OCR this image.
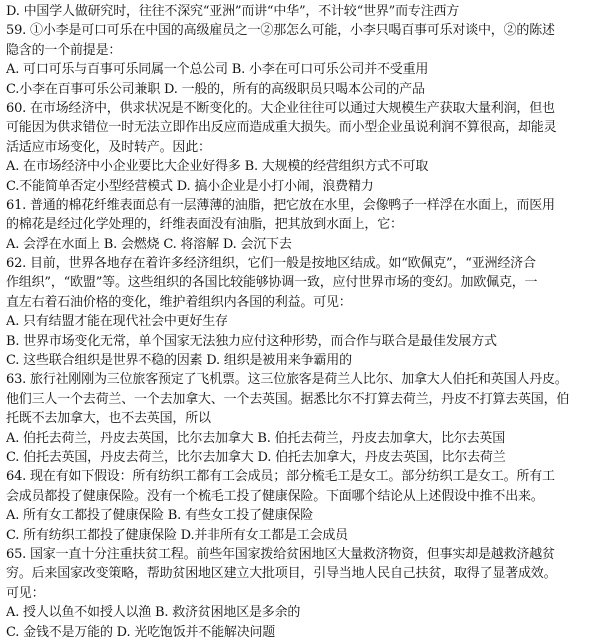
D. 中国学人做研究时，往往不深究“亚洲”而讲“中华”，不计较“世界”而专注西方
59. ①小李是可口可乐在中国的高级雇员之一②那怎么可能，小李只喝百事可乐对谈中，②的陈述
隐含的一个前提是：
A. 可口可乐与百事可乐同属一个总公司 B. 小李在可口可乐公司并不受重用
C.小李在百事可乐公司兼职 D. 一般的，所有的高级职员只喝本公司的产品
60. 在市场经济中，供求状况是不断变化的。大企业往往可以通过大规模生产获取大量利润，但也
可能因为供求错位一时无法立即作出反应而造成重大损失。而小型企业虽说利润不算很高，却能灵
活适应市场变化，及时转产。因此：
A. 在市场经济中小企业要比大企业好得多 B. 大规模的经营组织方式不可取
C.不能简单否定小型经营模式 D. 搞小企业是小打小闹，浪费精力
61. 普通的棉花纤维表面总有一层薄薄的油脂，把它放在水里，会像鸭子一样浮在水面上，而医用
的棉花是经过化学处理的，纤维表面没有油脂，把其放到水面上，它：
A. 会浮在水面上 B. 会燃烧 C. 将溶解 D. 会沉下去
62. 目前，世界各地存在着许多经济组织，它们一般是按地区结成。如“欧佩克”，“亚洲经济合
作组织”，“欧盟”等。这些组织的各国比较能够协调一致，应付世界市场的变幻。加欧佩克，一
直左右着石油价格的变化，维护着组织内各国的利益。可见：
A. 只有结盟才能在现代社会中更好生存
B. 世界市场变化无常，单个国家无法独力应付这种形势，而合作与联合是最佳发展方式
C. 这些联合组织是世界不稳的因素 D. 组织是被用来争霸用的
63. 旅行社刚刚为三位旅客预定了飞机票。这三位旅客是荷兰人比尔、加拿大人伯托和英国人丹皮。
他们三人一个去荷兰、一个去加拿大、一个去英国。据悉比尔不打算去荷兰，丹皮不打算去英国，伯
托既不去加拿大，也不去英国，所以
A. 伯托去荷兰，丹皮去英国，比尔去加拿大 B. 伯托去荷兰，丹皮去加拿大，比尔去英国
C. 伯托去英国，丹皮去荷兰，比尔去加拿大 D. 伯托去加拿大，丹皮去英国，比尔去荷兰
64. 现在有如下假设：所有纺织工都有工会成员；部分梳毛工是女工。部分纺织工是女工。所有工
会成员都投了健康保险。没有一个梳毛工投了健康保险。下面哪个结论从上述假设中推不出来。
A. 所有女工都投了健康保险 B. 有些女工投了健康保险
C. 所有纺织工都投了健康保险 D.并非所有女工都是工会成员
65. 国家一直十分注重扶贫工程。前些年国家拨给贫困地区大量救济物资，但事实却是越救济越贫
穷。后来国家改变策略，帮助贫困地区建立大批项目，引导当地人民自己扶贫，取得了显著成效。
可见：
A. 授人以鱼不如授人以渔 B. 救济贫困地区是多余的
C. 金钱不是万能的 D. 光吃饱饭并不能解决问题
